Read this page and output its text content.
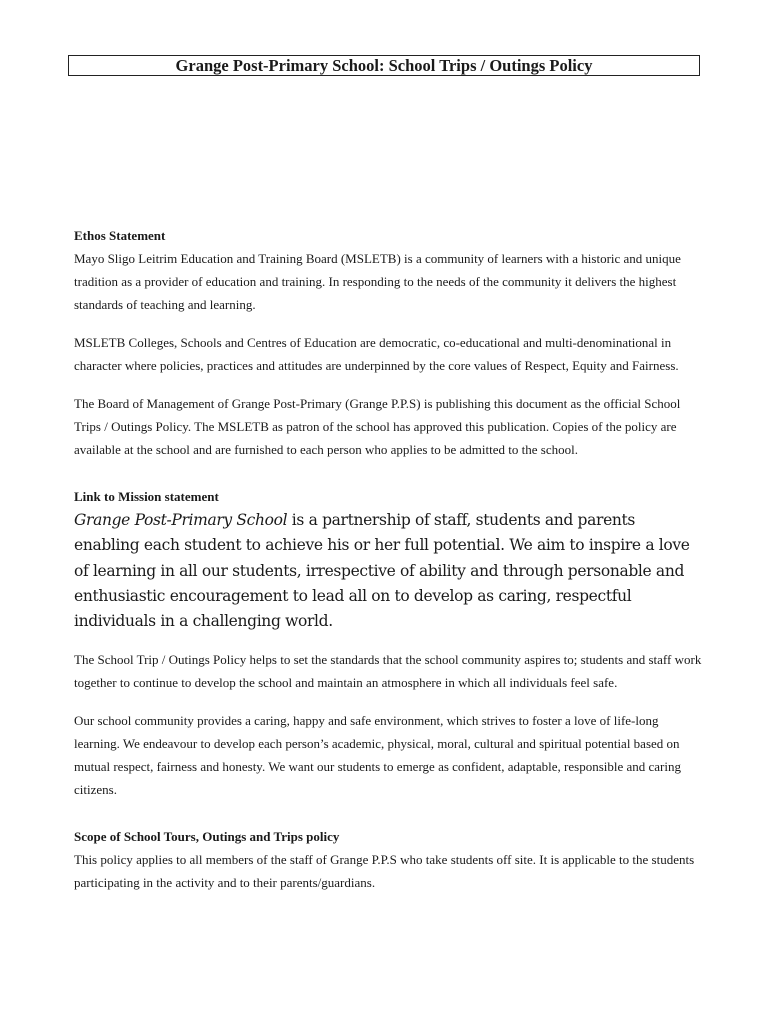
Grange Post-Primary School: School Trips / Outings Policy
Ethos Statement

Mayo Sligo Leitrim Education and Training Board (MSLETB) is a community of learners with a historic and unique tradition as a provider of education and training. In responding to the needs of the community it delivers the highest standards of teaching and learning.

MSLETB Colleges, Schools and Centres of Education are democratic, co-educational and multi-denominational in character where policies, practices and attitudes are underpinned by the core values of Respect, Equity and Fairness.

The Board of Management of Grange Post-Primary (Grange P.P.S) is publishing this document as the official School Trips / Outings Policy. The MSLETB as patron of the school has approved this publication. Copies of the policy are available at the school and are furnished to each person who applies to be admitted to the school.

Link to Mission statement

Grange Post-Primary School is a partnership of staff, students and parents enabling each student to achieve his or her full potential. We aim to inspire a love of learning in all our students, irrespective of ability and through personable and enthusiastic encouragement to lead all on to develop as caring, respectful individuals in a challenging world.

The School Trip / Outings Policy helps to set the standards that the school community aspires to; students and staff work together to continue to develop the school and maintain an atmosphere in which all individuals feel safe.

Our school community provides a caring, happy and safe environment, which strives to foster a love of life-long learning. We endeavour to develop each person’s academic, physical, moral, cultural and spiritual potential based on mutual respect, fairness and honesty. We want our students to emerge as confident, adaptable, responsible and caring citizens.

Scope of School Tours, Outings and Trips policy

This policy applies to all members of the staff of Grange P.P.S who take students off site. It is applicable to the students participating in the activity and to their parents/guardians.
